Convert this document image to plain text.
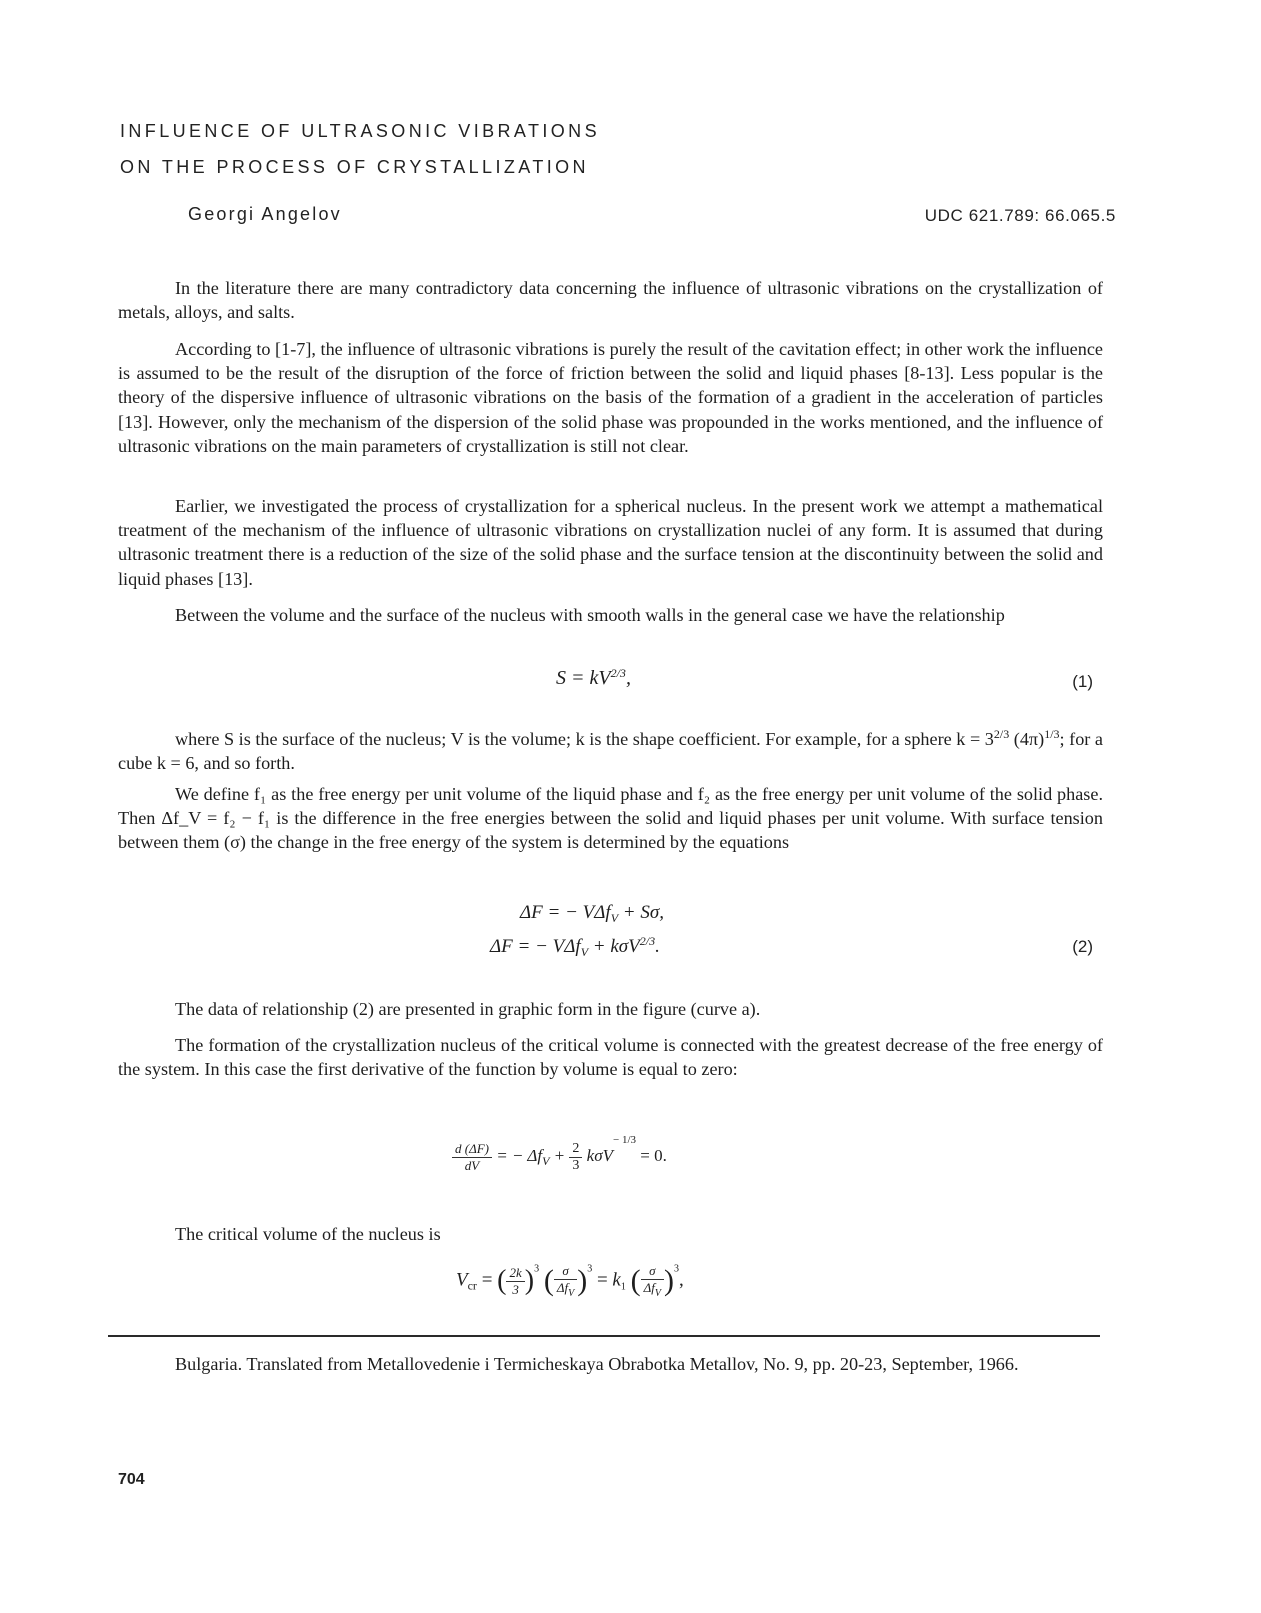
INFLUENCE OF ULTRASONIC VIBRATIONS
ON THE PROCESS OF CRYSTALLIZATION
Georgi Angelov	UDC 621.789: 66.065.5
In the literature there are many contradictory data concerning the influence of ultrasonic vibrations on the crystallization of metals, alloys, and salts.
According to [1-7], the influence of ultrasonic vibrations is purely the result of the cavitation effect; in other work the influence is assumed to be the result of the disruption of the force of friction between the solid and liquid phases [8-13]. Less popular is the theory of the dispersive influence of ultrasonic vibrations on the basis of the formation of a gradient in the acceleration of particles [13]. However, only the mechanism of the dispersion of the solid phase was propounded in the works mentioned, and the influence of ultrasonic vibrations on the main parameters of crystallization is still not clear.
Earlier, we investigated the process of crystallization for a spherical nucleus. In the present work we attempt a mathematical treatment of the mechanism of the influence of ultrasonic vibrations on crystallization nuclei of any form. It is assumed that during ultrasonic treatment there is a reduction of the size of the solid phase and the surface tension at the discontinuity between the solid and liquid phases [13].
Between the volume and the surface of the nucleus with smooth walls in the general case we have the relationship
$S = kV^{2/3}$,	(1)
where S is the surface of the nucleus; V is the volume; k is the shape coefficient. For example, for a sphere $k = 3^{2/3}$ $(4\pi)^{1/3}$; for a cube k = 6, and so forth.
We define f₁ as the free energy per unit volume of the liquid phase and f₂ as the free energy per unit volume of the solid phase. Then Δf_V = f₂ − f₁ is the difference in the free energies between the solid and liquid phases per unit volume. With surface tension between them (σ) the change in the free energy of the system is determined by the equations
ΔF = − VΔf$_V$ + Sσ,
ΔF = − VΔf$_V$ + kσV$^{2/3}$.	(2)
The data of relationship (2) are presented in graphic form in the figure (curve a).
The formation of the crystallization nucleus of the critical volume is connected with the greatest decrease of the free energy of the system. In this case the first derivative of the function by volume is equal to zero:
$\frac{d (\Delta F)}{dV}$ = − $\Delta f_V + \frac{2}{3} k\sigma V^{- 1/3} = 0$.
The critical volume of the nucleus is
$V_{cr}$ = ( $\frac{2k}{3} )^3$ ( $\frac{\sigma}{\Delta f_V} )^3 = k_1$ ( $\frac{\sigma}{\Delta f_V} )^3$,
Bulgaria. Translated from Metallovedenie i Termicheskaya Obrabotka Metallov, No. 9, pp. 20-23, September, 1966.
704
